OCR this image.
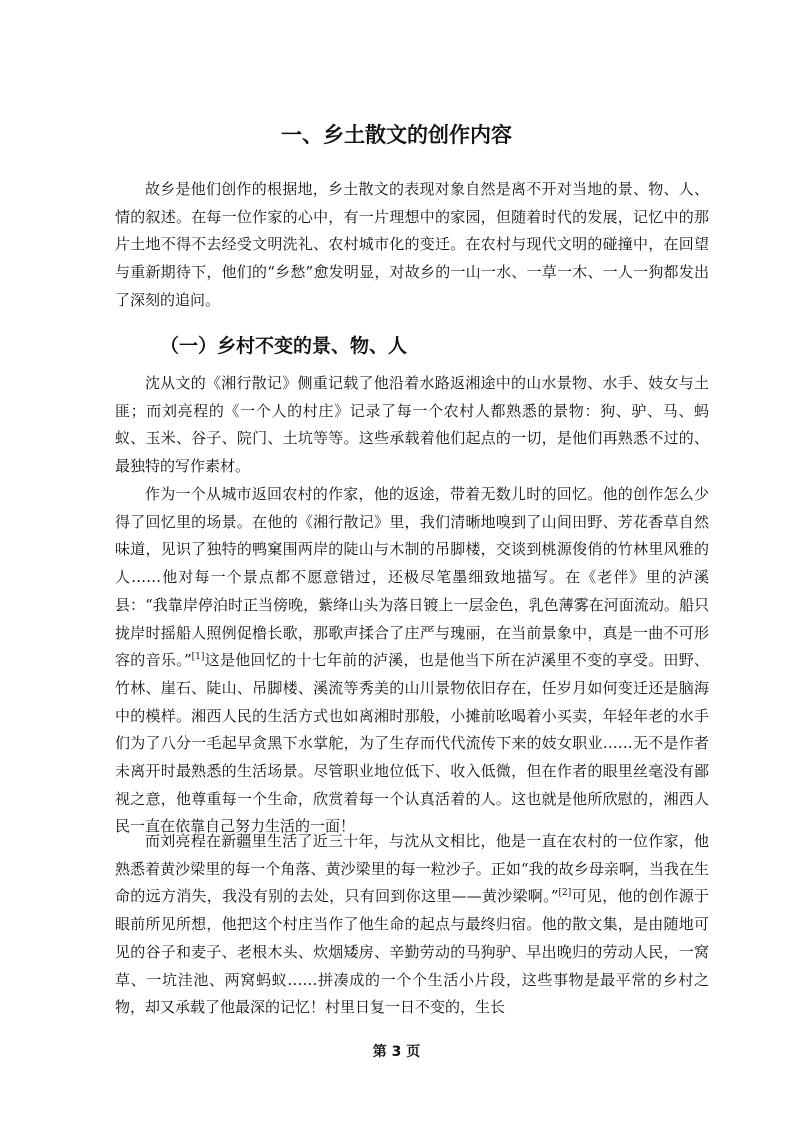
一、乡土散文的创作内容

故乡是他们创作的根据地，乡土散文的表现对象自然是离不开对当地的景、物、人、情的叙述。在每一位作家的心中，有一片理想中的家园，但随着时代的发展，记忆中的那片土地不得不去经受文明洗礼、农村城市化的变迁。在农村与现代文明的碰撞中，在回望与重新期待下，他们的“乡愁”愈发明显，对故乡的一山一水、一草一木、一人一狗都发出了深刻的追问。

（一）乡村不变的景、物、人

沈从文的《湘行散记》侧重记载了他沿着水路返湘途中的山水景物、水手、妓女与土匪；而刘亮程的《一个人的村庄》记录了每一个农村人都熟悉的景物：狗、驴、马、蚂蚁、玉米、谷子、院门、土坑等等。这些承载着他们起点的一切，是他们再熟悉不过的、最独特的写作素材。

作为一个从城市返回农村的作家，他的返途，带着无数儿时的回忆。他的创作怎么少得了回忆里的场景。在他的《湘行散记》里，我们清晰地嗅到了山间田野、芳花香草自然味道，见识了独特的鸭窠围两岸的陡山与木制的吊脚楼，交谈到桃源俊俏的竹林里风雅的人……他对每一个景点都不愿意错过，还极尽笔墨细致地描写。在《老伴》里的泸溪县：“我靠岸停泊时正当傍晚，紫绛山头为落日镀上一层金色，乳色薄雾在河面流动。船只拢岸时摇船人照例促橹长歌，那歌声揉合了庄严与瑰丽，在当前景象中，真是一曲不可形容的音乐。”[1]这是他回忆的十七年前的泸溪，也是他当下所在泸溪里不变的享受。田野、竹林、崖石、陡山、吊脚楼、溪流等秀美的山川景物依旧存在，任岁月如何变迁还是脑海中的模样。湘西人民的生活方式也如离湘时那般，小摊前吆喝着小买卖，年轻年老的水手们为了八分一毛起早贪黑下水掌舵，为了生存而代代流传下来的妓女职业……无不是作者未离开时最熟悉的生活场景。尽管职业地位低下、收入低微，但在作者的眼里丝毫没有鄙视之意，他尊重每一个生命，欣赏着每一个认真活着的人。这也就是他所欣慰的，湘西人民一直在依靠自己努力生活的一面！

而刘亮程在新疆里生活了近三十年，与沈从文相比，他是一直在农村的一位作家，他熟悉着黄沙梁里的每一个角落、黄沙梁里的每一粒沙子。正如“我的故乡母亲啊，当我在生命的远方消失，我没有别的去处，只有回到你这里——黄沙梁啊。”[2]可见，他的创作源于眼前所见所想，他把这个村庄当作了他生命的起点与最终归宿。他的散文集，是由随地可见的谷子和麦子、老根木头、炊烟矮房、辛勤劳动的马狗驴、早出晚归的劳动人民，一窝草、一坑洼池、两窝蚂蚁……拼凑成的一个个生活小片段，这些事物是最平常的乡村之物，却又承载了他最深的记忆！村里日复一日不变的，生长

第 3 页
